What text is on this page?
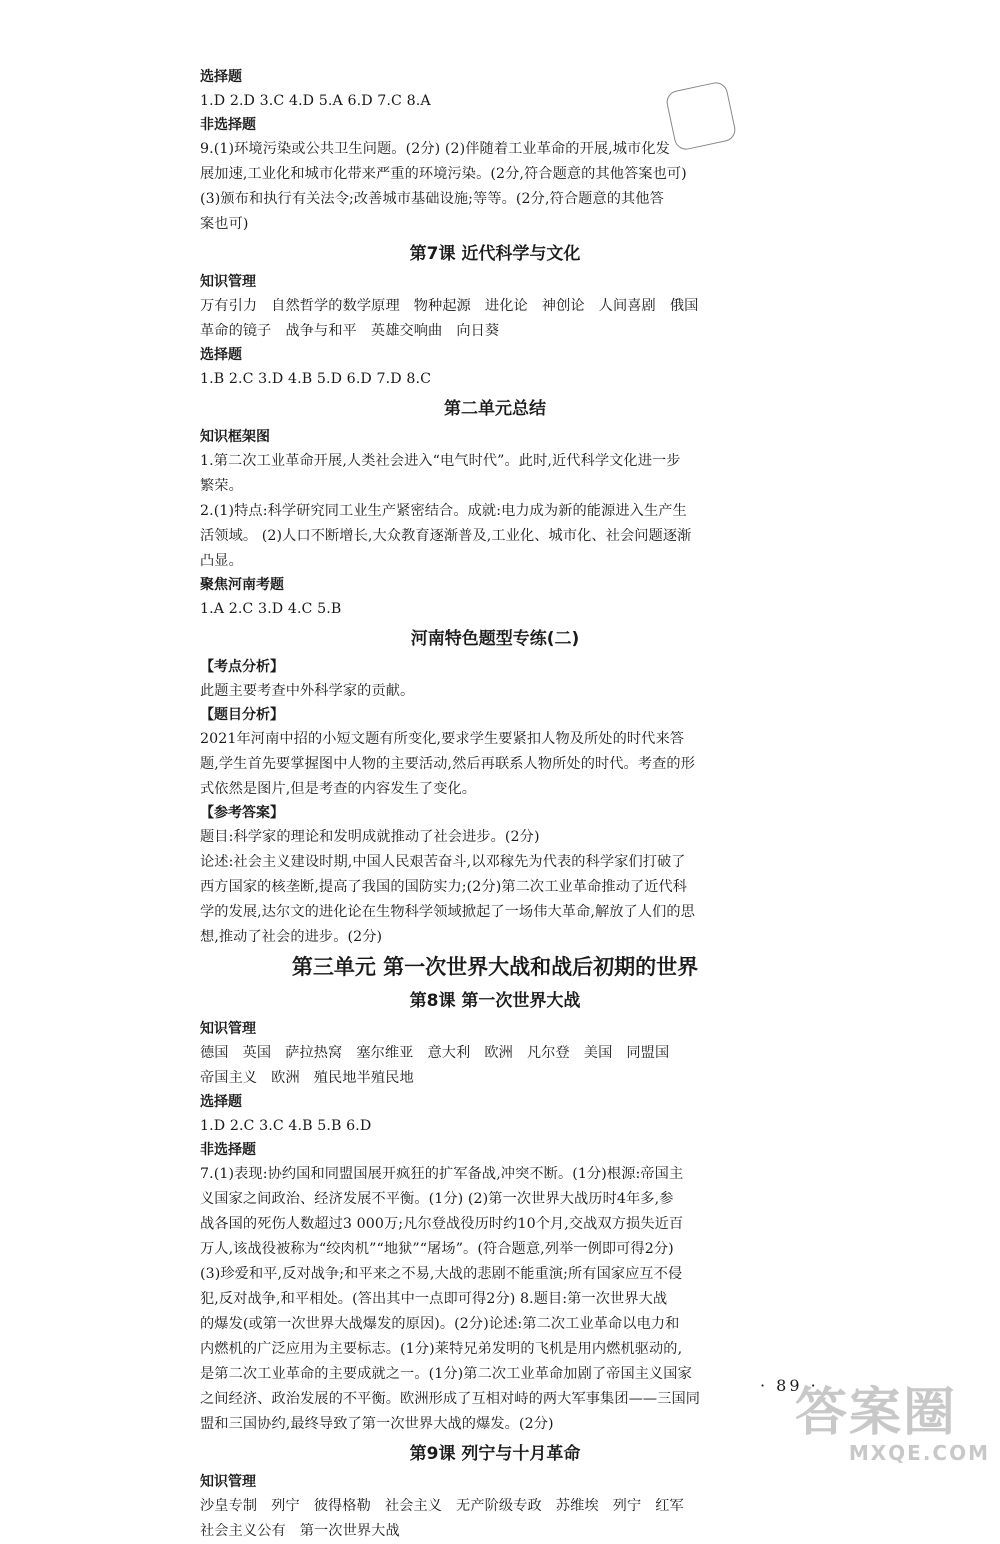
选择题
1.D 2.D 3.C 4.D 5.A 6.D 7.C 8.A
非选择题
9.(1)环境污染或公共卫生问题。(2分) (2)伴随着工业革命的开展,城市化发
展加速,工业化和城市化带来严重的环境污染。(2分,符合题意的其他答案也可)
(3)颁布和执行有关法令;改善城市基础设施;等等。(2分,符合题意的其他答
案也可)
第7课 近代科学与文化
知识管理
万有引力 自然哲学的数学原理 物种起源 进化论 神创论 人间喜剧 俄国
革命的镜子 战争与和平 英雄交响曲 向日葵
选择题
1.B 2.C 3.D 4.B 5.D 6.D 7.D 8.C
第二单元总结
知识框架图
1.第二次工业革命开展,人类社会进入“电气时代”。此时,近代科学文化进一步
繁荣。
2.(1)特点:科学研究同工业生产紧密结合。成就:电力成为新的能源进入生产生
活领域。 (2)人口不断增长,大众教育逐渐普及,工业化、城市化、社会问题逐渐
凸显。
聚焦河南考题
1.A 2.C 3.D 4.C 5.B
河南特色题型专练(二)
【考点分析】
此题主要考查中外科学家的贡献。
【题目分析】
2021年河南中招的小短文题有所变化,要求学生要紧扣人物及所处的时代来答
题,学生首先要掌握图中人物的主要活动,然后再联系人物所处的时代。考查的形
式依然是图片,但是考查的内容发生了变化。
【参考答案】
题目:科学家的理论和发明成就推动了社会进步。(2分)
论述:社会主义建设时期,中国人民艰苦奋斗,以邓稼先为代表的科学家们打破了
西方国家的核垄断,提高了我国的国防实力;(2分)第二次工业革命推动了近代科
学的发展,达尔文的进化论在生物科学领域掀起了一场伟大革命,解放了人们的思
想,推动了社会的进步。(2分)
第三单元 第一次世界大战和战后初期的世界
第8课 第一次世界大战
知识管理
德国 英国 萨拉热窝 塞尔维亚 意大利 欧洲 凡尔登 美国 同盟国
帝国主义 欧洲 殖民地半殖民地
选择题
1.D 2.C 3.C 4.B 5.B 6.D
非选择题
7.(1)表现:协约国和同盟国展开疯狂的扩军备战,冲突不断。(1分)根源:帝国主
义国家之间政治、经济发展不平衡。(1分) (2)第一次世界大战历时4年多,参
战各国的死伤人数超过3 000万;凡尔登战役历时约10个月,交战双方损失近百
万人,该战役被称为“绞肉机”“地狱”“屠场”。(符合题意,列举一例即可得2分)
(3)珍爱和平,反对战争;和平来之不易,大战的悲剧不能重演;所有国家应互不侵
犯,反对战争,和平相处。(答出其中一点即可得2分) 8.题目:第一次世界大战
的爆发(或第一次世界大战爆发的原因)。(2分)论述:第二次工业革命以电力和
内燃机的广泛应用为主要标志。(1分)莱特兄弟发明的飞机是用内燃机驱动的,
是第二次工业革命的主要成就之一。(1分)第二次工业革命加剧了帝国主义国家
之间经济、政治发展的不平衡。欧洲形成了互相对峙的两大军事集团——三国同
盟和三国协约,最终导致了第一次世界大战的爆发。(2分)
第9课 列宁与十月革命
知识管理
沙皇专制 列宁 彼得格勒 社会主义 无产阶级专政 苏维埃 列宁 红军
社会主义公有 第一次世界大战
· 89 ·
答案圈
MXQE.COM
